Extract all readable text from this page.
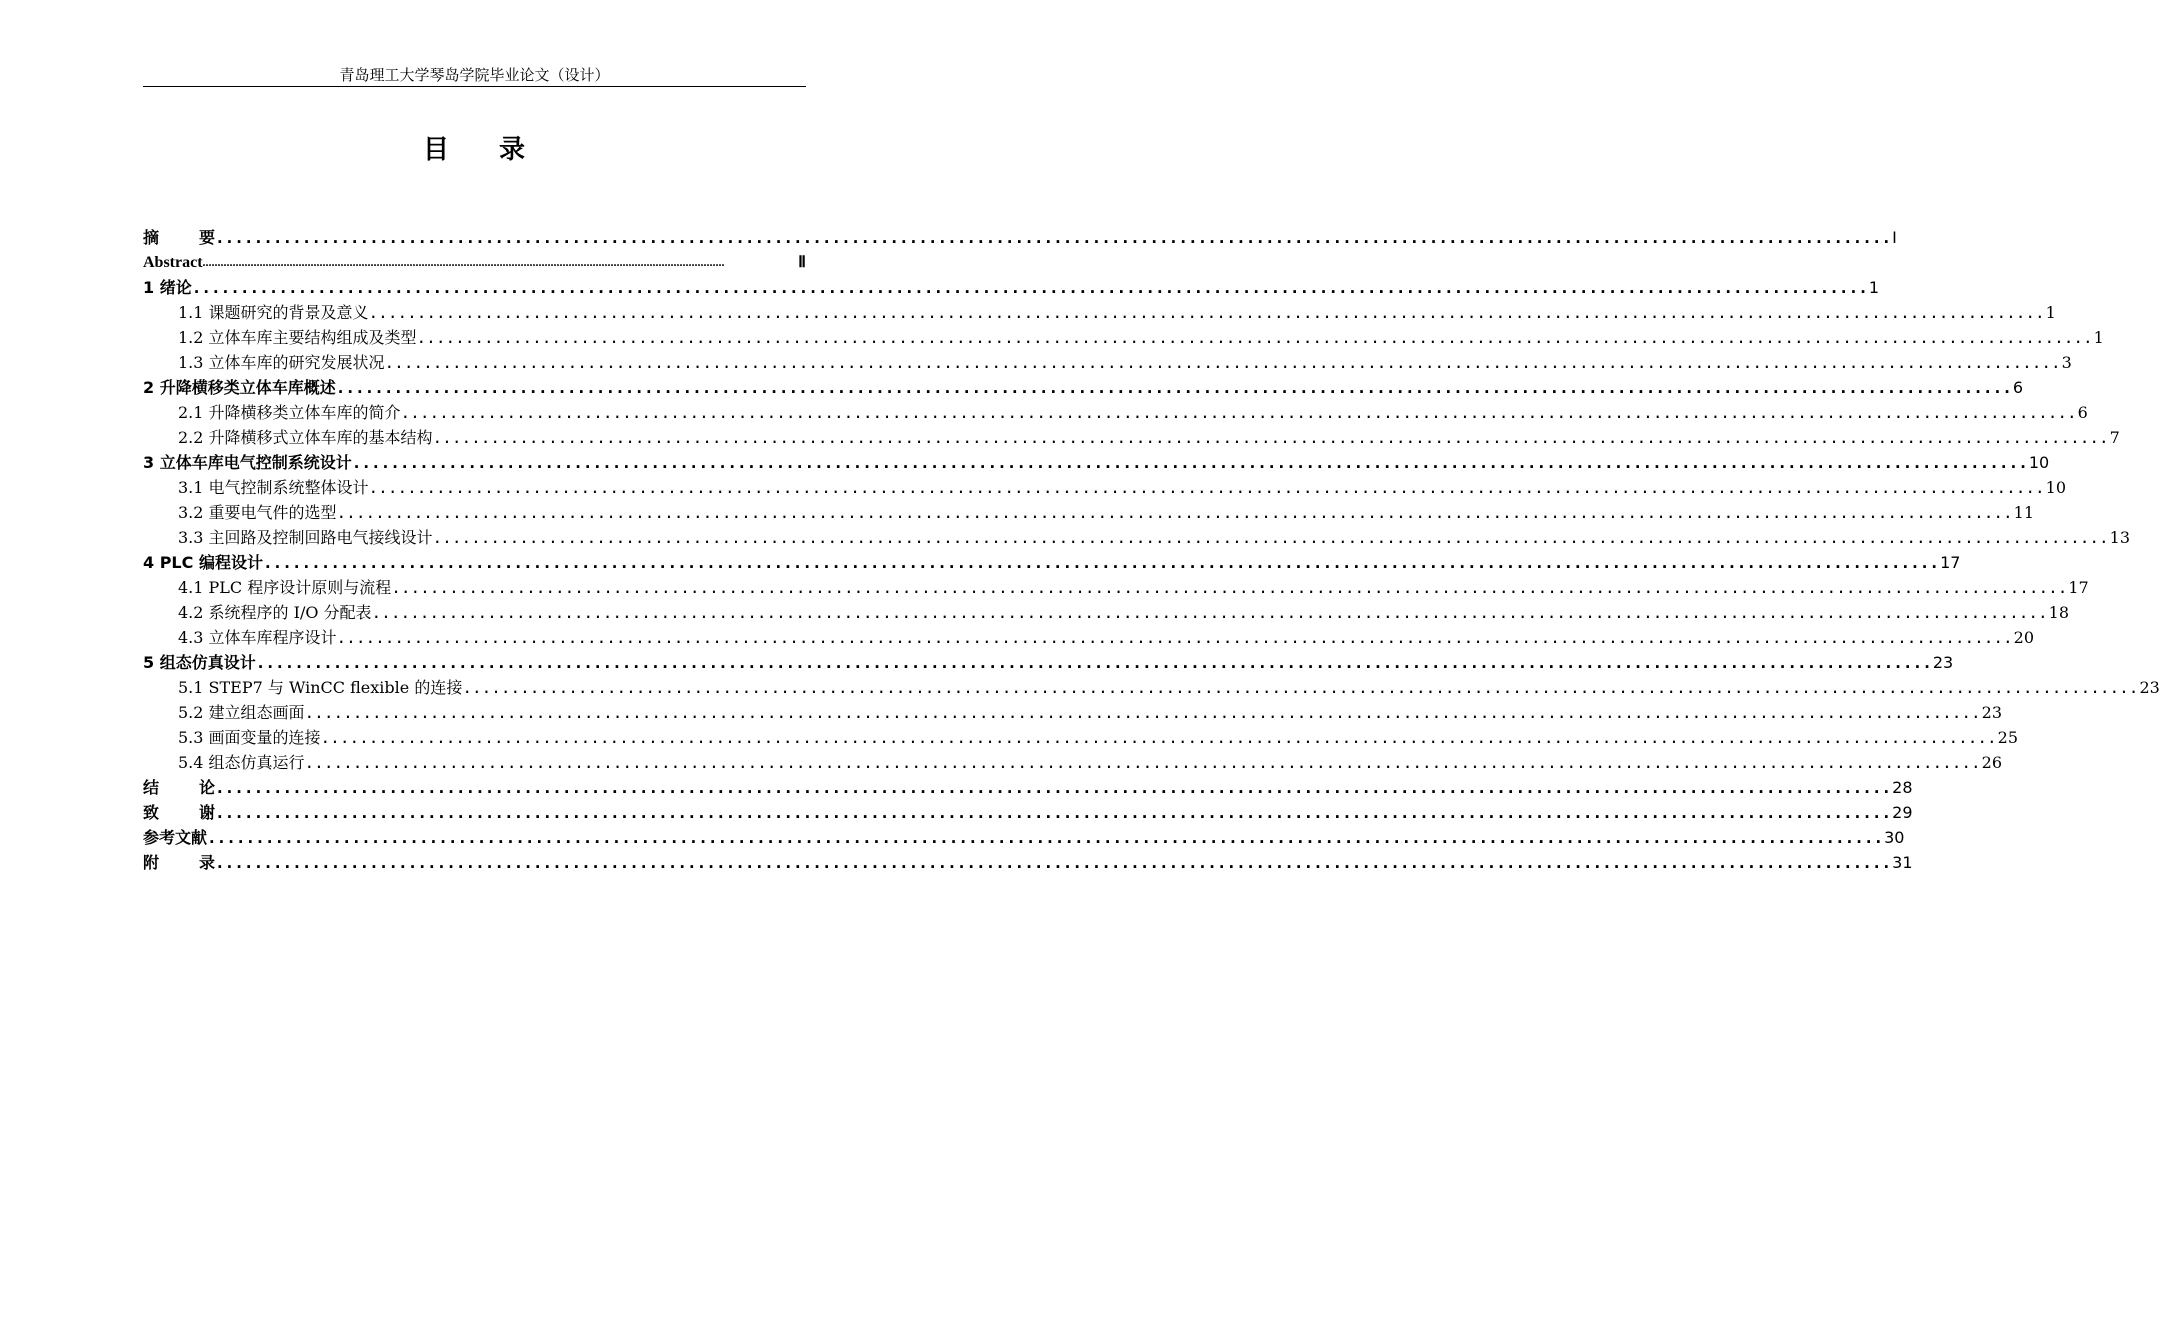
青岛理工大学琴岛学院毕业论文（设计）
目 录
摘	要 .............................................................................................................................................................................. Ⅰ
Abstract ..............................................................................................................................................................................	Ⅱ
1 绪论 .............................................................................................................................................................................. 1
1.1 课题研究的背景及意义 .............................................................................................................................................................................. 1
1.2 立体车库主要结构组成及类型 .............................................................................................................................................................................. 1
1.3 立体车库的研究发展状况 .............................................................................................................................................................................. 3
2 升降横移类立体车库概述 .............................................................................................................................................................................. 6
2.1 升降横移类立体车库的简介 .............................................................................................................................................................................. 6
2.2 升降横移式立体车库的基本结构 .............................................................................................................................................................................. 7
3 立体车库电气控制系统设计 .............................................................................................................................................................................. 10
3.1 电气控制系统整体设计 .............................................................................................................................................................................. 10
3.2 重要电气件的选型 .............................................................................................................................................................................. 11
3.3 主回路及控制回路电气接线设计 .............................................................................................................................................................................. 13
4 PLC 编程设计 .............................................................................................................................................................................. 17
4.1 PLC 程序设计原则与流程 .............................................................................................................................................................................. 17
4.2 系统程序的 I/O 分配表 .............................................................................................................................................................................. 18
4.3 立体车库程序设计 .............................................................................................................................................................................. 20
5 组态仿真设计 .............................................................................................................................................................................. 23
5.1 STEP7 与 WinCC flexible 的连接 .............................................................................................................................................................................. 23
5.2 建立组态画面 .............................................................................................................................................................................. 23
5.3 画面变量的连接 .............................................................................................................................................................................. 25
5.4 组态仿真运行 .............................................................................................................................................................................. 26
结	论 .............................................................................................................................................................................. 28
致	谢 .............................................................................................................................................................................. 29
参考文献 .............................................................................................................................................................................. 30
附	录 .............................................................................................................................................................................. 31
